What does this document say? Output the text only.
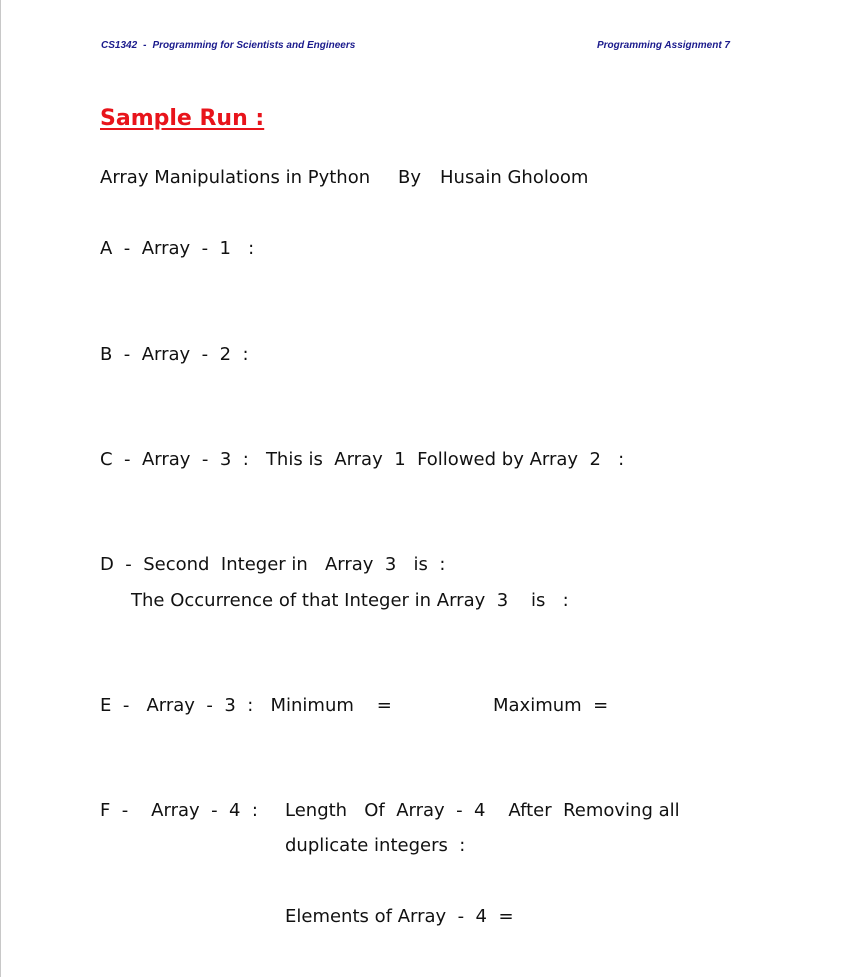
CS1342 - Programming for Scientists and Engineers	Programming Assignment 7
Sample Run :
Array Manipulations in Python By Husain Gholoom
A  -  Array  -  1   :
B  -  Array  -  2  :
C  -  Array  -  3  :   This is  Array  1  Followed by Array  2   :
D  -  Second  Integer in   Array  3   is  :
The Occurrence of that Integer in Array  3    is   :
E  -   Array  -  3  :   Minimum    =	Maximum  =
F  -    Array  -  4  : Length   Of  Array  -  4    After  Removing all
duplicate integers  :
Elements of Array  -  4  =
